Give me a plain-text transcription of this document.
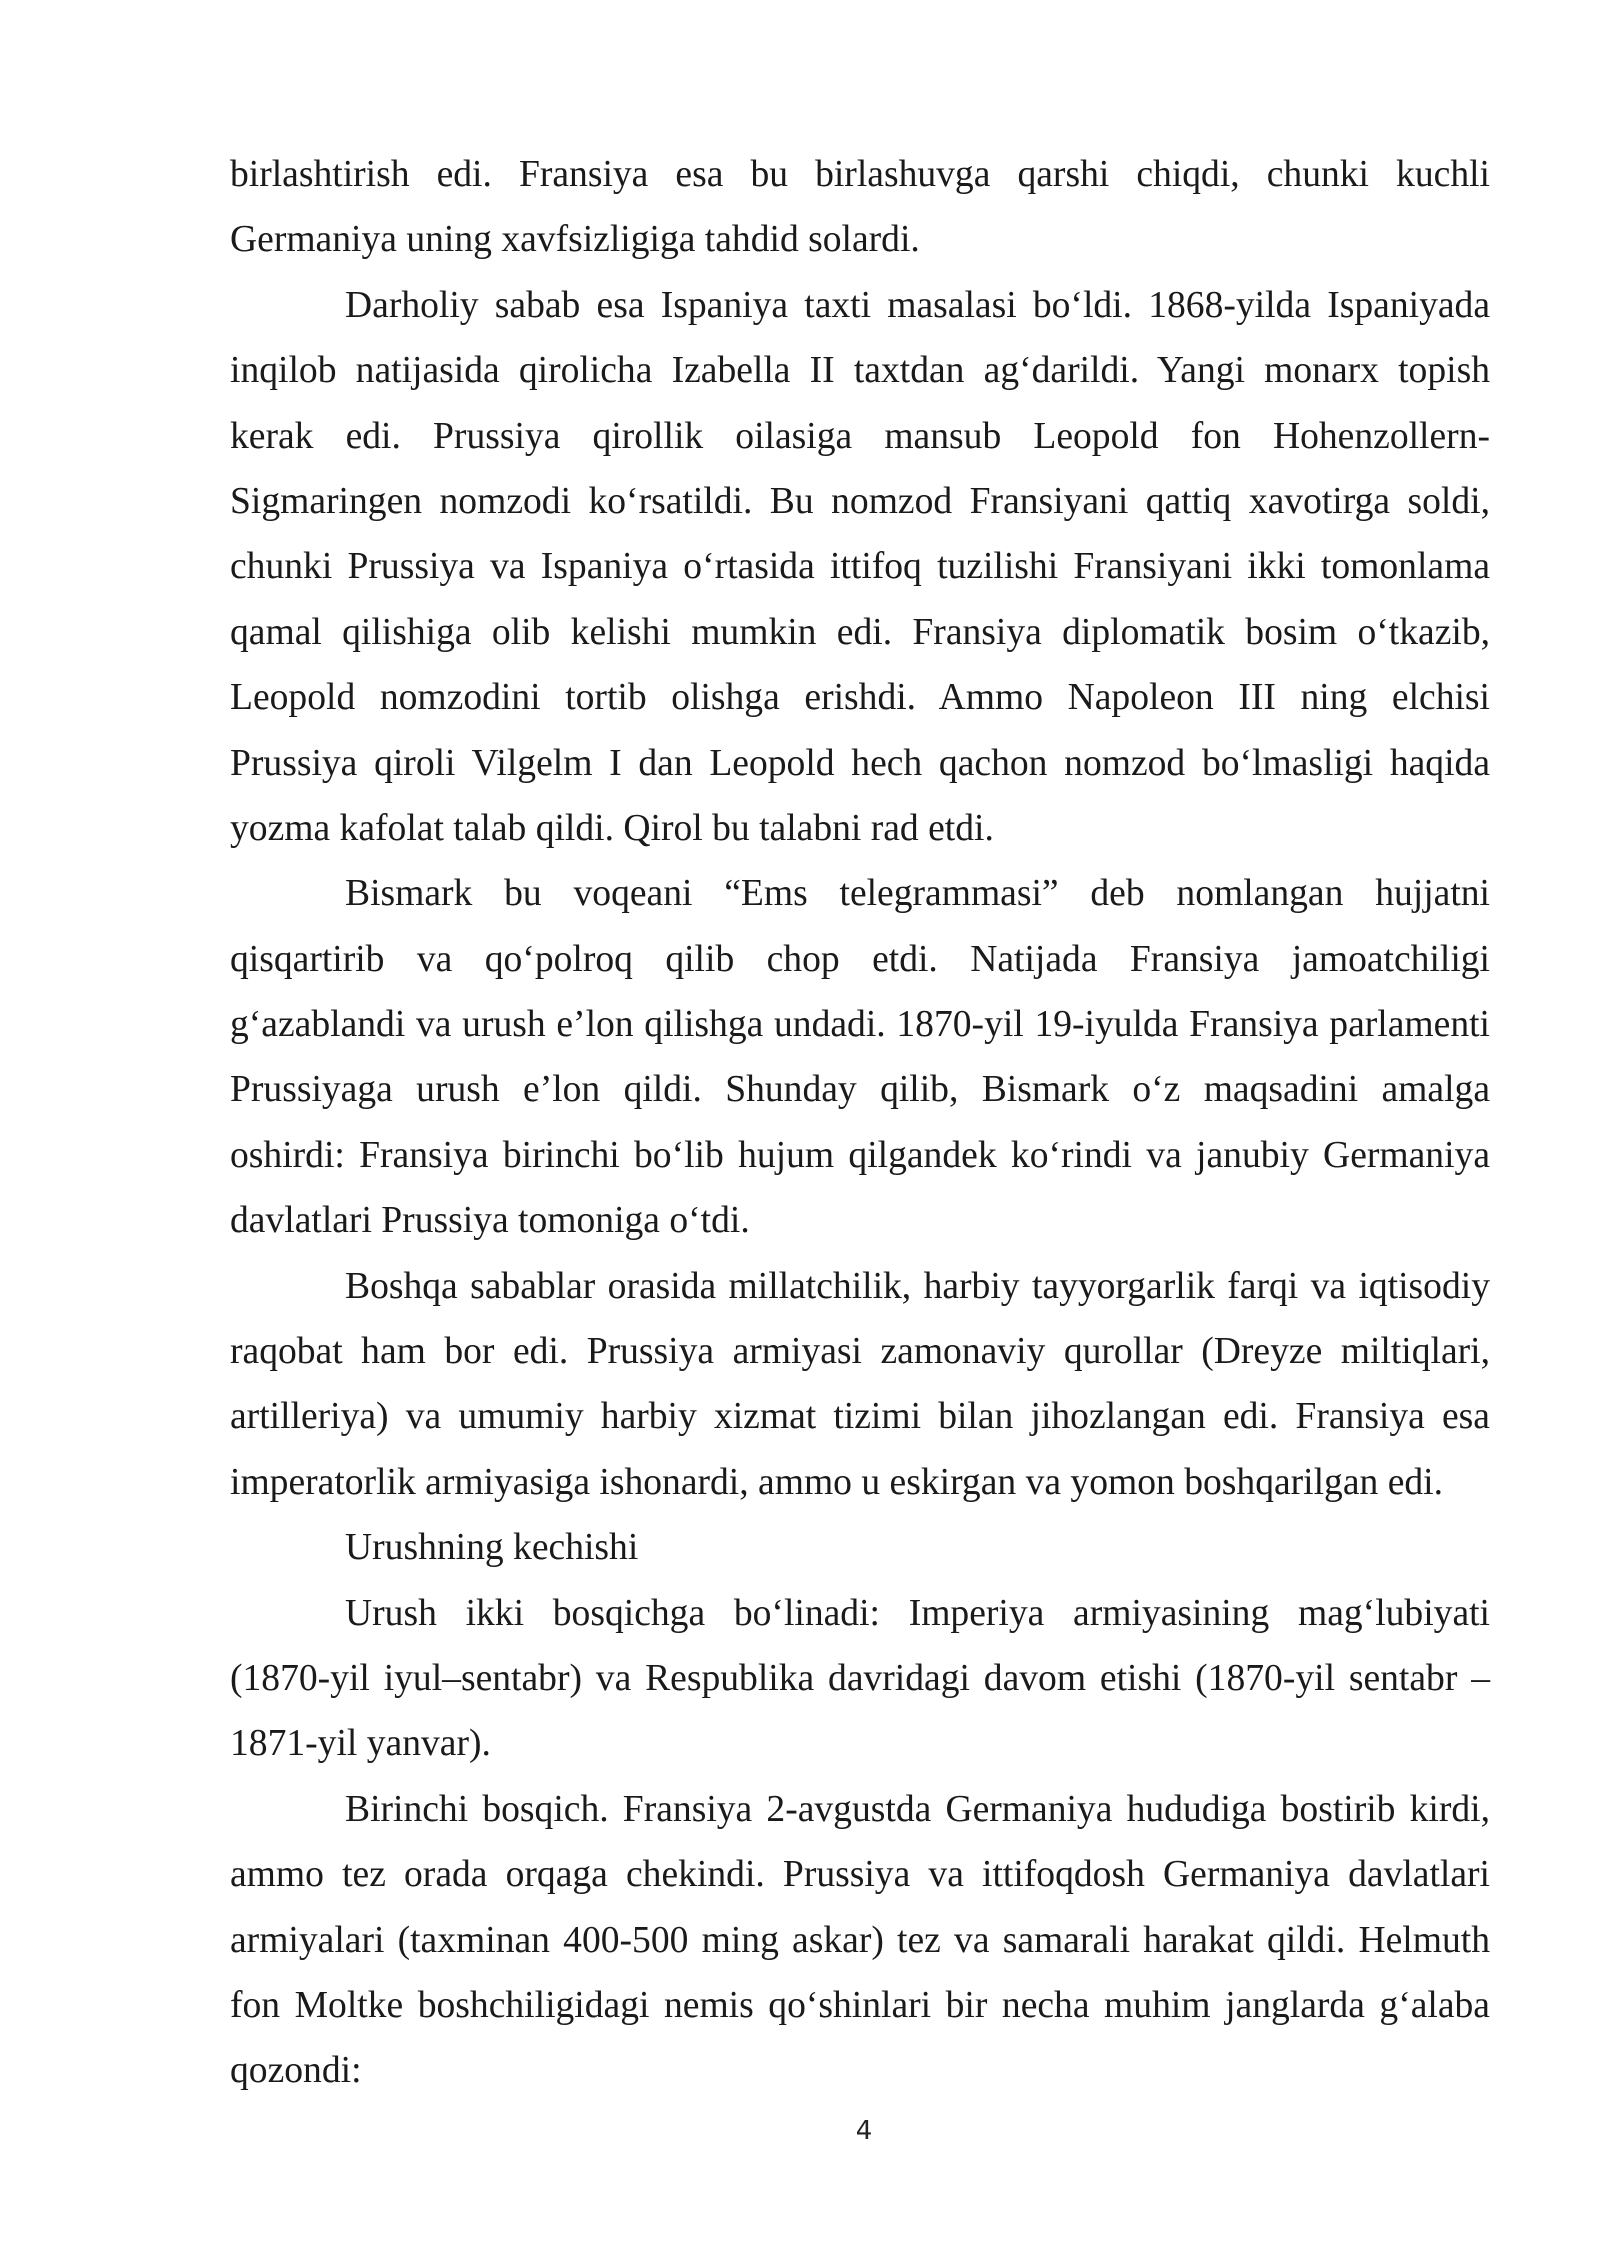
birlashtirish edi. Fransiya esa bu birlashuvga qarshi chiqdi, chunki kuchli
Germaniya uning xavfsizligiga tahdid solardi.
Darholiy sabab esa Ispaniya taxti masalasi bo‘ldi. 1868-yilda Ispaniyada
inqilob natijasida qirolicha Izabella II taxtdan ag‘darildi. Yangi monarx topish
kerak edi. Prussiya qirollik oilasiga mansub Leopold fon Hohenzollern-
Sigmaringen nomzodi ko‘rsatildi. Bu nomzod Fransiyani qattiq xavotirga soldi,
chunki Prussiya va Ispaniya o‘rtasida ittifoq tuzilishi Fransiyani ikki tomonlama
qamal qilishiga olib kelishi mumkin edi. Fransiya diplomatik bosim o‘tkazib,
Leopold nomzodini tortib olishga erishdi. Ammo Napoleon III ning elchisi
Prussiya qiroli Vilgelm I dan Leopold hech qachon nomzod bo‘lmasligi haqida
yozma kafolat talab qildi. Qirol bu talabni rad etdi.
Bismark bu voqeani “Ems telegrammasi” deb nomlangan hujjatni
qisqartirib va qo‘polroq qilib chop etdi. Natijada Fransiya jamoatchiligi
g‘azablandi va urush e’lon qilishga undadi. 1870-yil 19-iyulda Fransiya parlamenti
Prussiyaga urush e’lon qildi. Shunday qilib, Bismark o‘z maqsadini amalga
oshirdi: Fransiya birinchi bo‘lib hujum qilgandek ko‘rindi va janubiy Germaniya
davlatlari Prussiya tomoniga o‘tdi.
Boshqa sabablar orasida millatchilik, harbiy tayyorgarlik farqi va iqtisodiy
raqobat ham bor edi. Prussiya armiyasi zamonaviy qurollar (Dreyze miltiqlari,
artilleriya) va umumiy harbiy xizmat tizimi bilan jihozlangan edi. Fransiya esa
imperatorlik armiyasiga ishonardi, ammo u eskirgan va yomon boshqarilgan edi.
Urushning kechishi
Urush ikki bosqichga bo‘linadi: Imperiya armiyasining mag‘lubiyati
(1870-yil iyul–sentabr) va Respublika davridagi davom etishi (1870-yil sentabr –
1871-yil yanvar).
Birinchi bosqich. Fransiya 2-avgustda Germaniya hududiga bostirib kirdi,
ammo tez orada orqaga chekindi. Prussiya va ittifoqdosh Germaniya davlatlari
armiyalari (taxminan 400-500 ming askar) tez va samarali harakat qildi. Helmuth
fon Moltke boshchiligidagi nemis qo‘shinlari bir necha muhim janglarda g‘alaba
qozondi:
4
